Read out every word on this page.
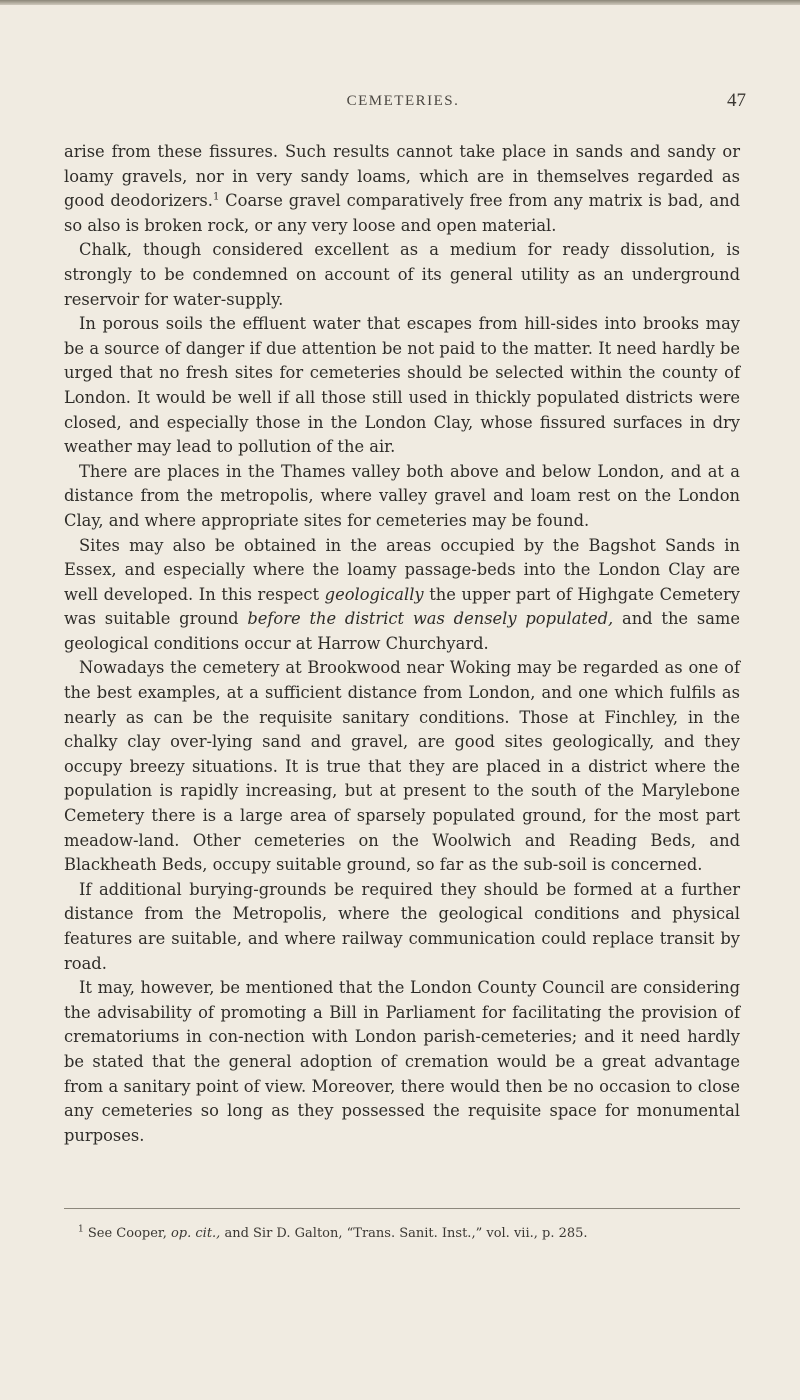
CEMETERIES.	47

arise from these fissures. Such results cannot take place in sands and sandy or loamy gravels, nor in very sandy loams, which are in themselves regarded as good deodorizers.$^1$ Coarse gravel comparatively free from any matrix is bad, and so also is broken rock, or any very loose and open material.

Chalk, though considered excellent as a medium for ready dissolution, is strongly to be condemned on account of its general utility as an underground reservoir for water-supply.

In porous soils the effluent water that escapes from hill-sides into brooks may be a source of danger if due attention be not paid to the matter. It need hardly be urged that no fresh sites for cemeteries should be selected within the county of London. It would be well if all those still used in thickly populated districts were closed, and especially those in the London Clay, whose fissured surfaces in dry weather may lead to pollution of the air.

There are places in the Thames valley both above and below London, and at a distance from the metropolis, where valley gravel and loam rest on the London Clay, and where appropriate sites for cemeteries may be found.

Sites may also be obtained in the areas occupied by the Bagshot Sands in Essex, and especially where the loamy passage-beds into the London Clay are well developed. In this respect geologically the upper part of Highgate Cemetery was suitable ground before the district was densely populated, and the same geological conditions occur at Harrow Churchyard.

Nowadays the cemetery at Brookwood near Woking may be regarded as one of the best examples, at a sufficient distance from London, and one which fulfils as nearly as can be the requisite sanitary conditions. Those at Finchley, in the chalky clay over-lying sand and gravel, are good sites geologically, and they occupy breezy situations. It is true that they are placed in a district where the population is rapidly increasing, but at present to the south of the Marylebone Cemetery there is a large area of sparsely populated ground, for the most part meadow-land. Other cemeteries on the Woolwich and Reading Beds, and Blackheath Beds, occupy suitable ground, so far as the sub-soil is concerned.

If additional burying-grounds be required they should be formed at a further distance from the Metropolis, where the geological conditions and physical features are suitable, and where railway communication could replace transit by road.

It may, however, be mentioned that the London County Council are considering the advisability of promoting a Bill in Parliament for facilitating the provision of crematoriums in con-nection with London parish-cemeteries; and it need hardly be stated that the general adoption of cremation would be a great advantage from a sanitary point of view. Moreover, there would then be no occasion to close any cemeteries so long as they possessed the requisite space for monumental purposes.

$^1$ See Cooper, op. cit., and Sir D. Galton, “Trans. Sanit. Inst.,” vol. vii., p. 285.
